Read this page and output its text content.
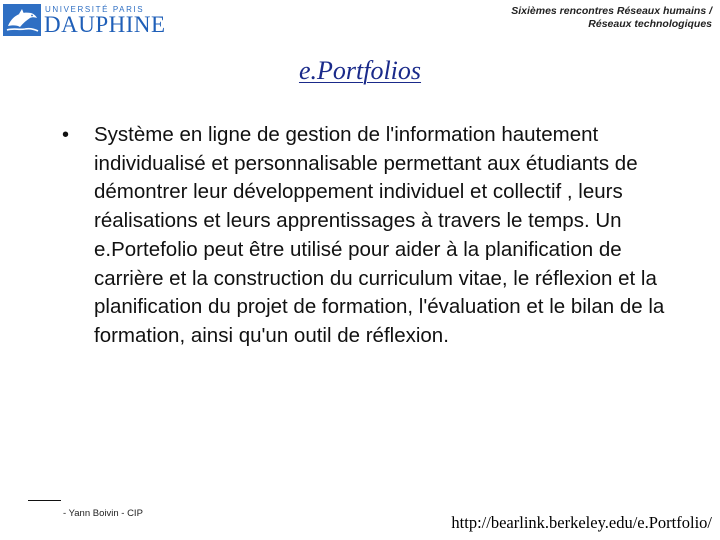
UNIVERSITÉ PARIS
DAUPHINE
Sixièmes rencontres Réseaux humains /
Réseaux technologiques
e.Portfolios
•	Système en ligne de gestion de l'information hautement individualisé et personnalisable permettant aux étudiants de démontrer leur développement individuel et collectif , leurs réalisations et leurs apprentissages à travers le temps. Un e.Portefolio peut être utilisé pour aider à la planification de carrière et la construction du curriculum vitae, le réflexion et la planification du projet de formation, l'évaluation et le bilan de la formation, ainsi qu'un outil de réflexion.
- Yann Boivin - CIP	http://bearlink.berkeley.edu/e.Portfolio/
